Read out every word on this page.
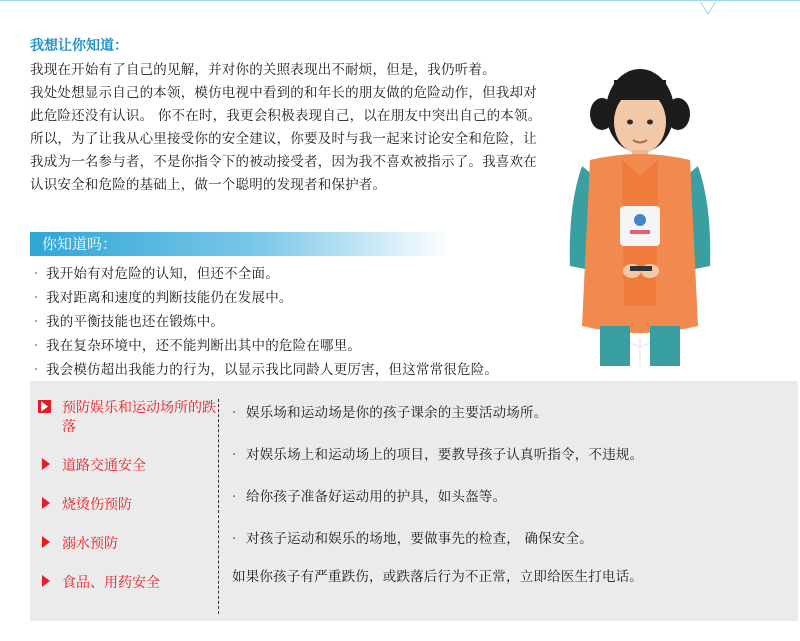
我想让你知道：

我现在开始有了自己的见解，并对你的关照表现出不耐烦，但是，我仍听着。

我处处想显示自己的本领，模仿电视中看到的和年长的朋友做的危险动作，但我却对此危险还没有认识。 你不在时，我更会积极表现自己，以在朋友中突出自己的本领。

所以，为了让我从心里接受你的安全建议，你要及时与我一起来讨论安全和危险，让我成为一名参与者，不是你指令下的被动接受者，因为我不喜欢被指示了。我喜欢在认识安全和危险的基础上，做一个聪明的发现者和保护者。

你知道吗：
· 我开始有对危险的认知，但还不全面。
· 我对距离和速度的判断技能仍在发展中。
· 我的平衡技能也还在锻炼中。
· 我在复杂环境中，还不能判断出其中的危险在哪里。
· 我会模仿超出我能力的行为，以显示我比同龄人更厉害，但这常常很危险。
预防娱乐和运动场所的跌落
道路交通安全
烧烫伤预防
溺水预防
食品、用药安全
· 娱乐场和运动场是你的孩子课余的主要活动场所。
· 对娱乐场上和运动场上的项目，要教导孩子认真听指令，不违规。
· 给你孩子准备好运动用的护具，如头盔等。
· 对孩子运动和娱乐的场地，要做事先的检查， 确保安全。
如果你孩子有严重跌伤，或跌落后行为不正常，立即给医生打电话。
